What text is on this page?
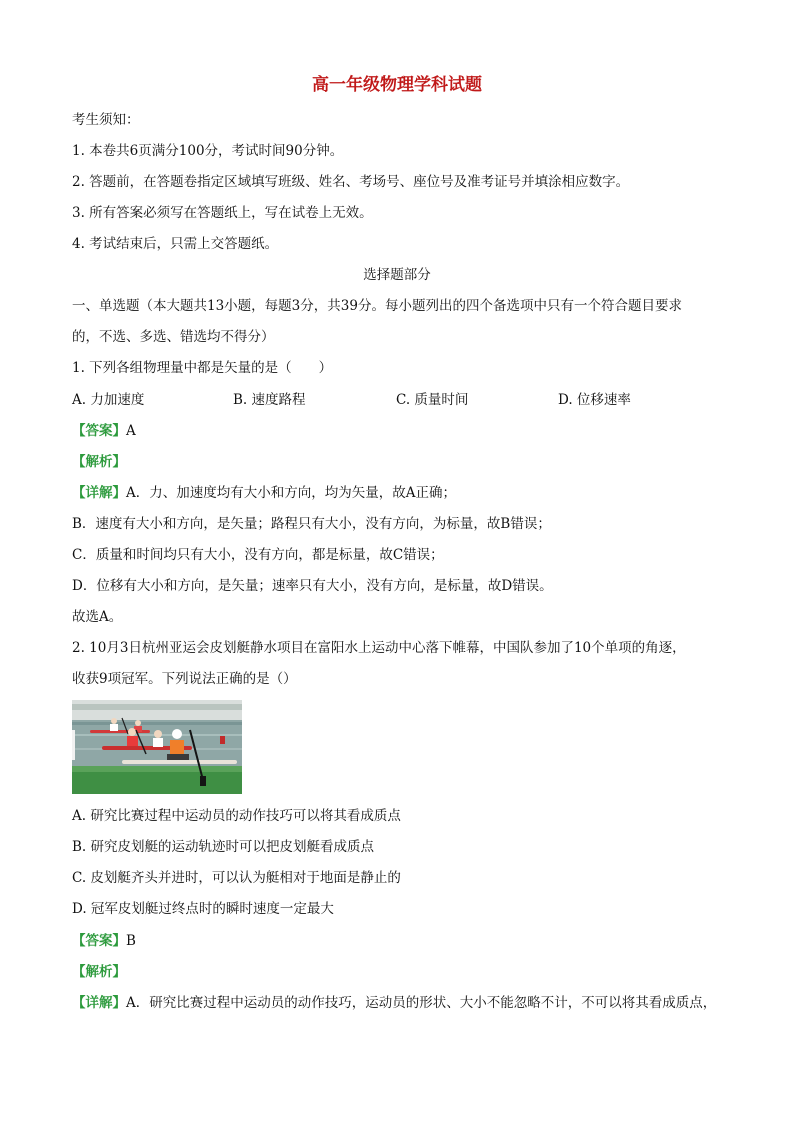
高一年级物理学科试题
考生须知：
1. 本卷共6页满分100分，考试时间90分钟。
2. 答题前，在答题卷指定区域填写班级、姓名、考场号、座位号及准考证号并填涂相应数字。
3. 所有答案必须写在答题纸上，写在试卷上无效。
4. 考试结束后，只需上交答题纸。
选择题部分
一、单选题（本大题共13小题，每题3分，共39分。每小题列出的四个备选项中只有一个符合题目要求
的，不选、多选、错选均不得分）
1. 下列各组物理量中都是矢量的是（　　）
A. 力加速度	B. 速度路程	C. 质量时间	D. 位移速率
【答案】A
【解析】
【详解】A．力、加速度均有大小和方向，均为矢量，故A正确；
B．速度有大小和方向，是矢量；路程只有大小，没有方向，为标量，故B错误；
C．质量和时间均只有大小，没有方向，都是标量，故C错误；
D．位移有大小和方向，是矢量；速率只有大小，没有方向，是标量，故D错误。
故选A。
2. 10月3日杭州亚运会皮划艇静水项目在富阳水上运动中心落下帷幕，中国队参加了10个单项的角逐，
收获9项冠军。下列说法正确的是（）
A. 研究比赛过程中运动员的动作技巧可以将其看成质点
B. 研究皮划艇的运动轨迹时可以把皮划艇看成质点
C. 皮划艇齐头并进时，可以认为艇相对于地面是静止的
D. 冠军皮划艇过终点时的瞬时速度一定最大
【答案】B
【解析】
【详解】A．研究比赛过程中运动员的动作技巧，运动员的形状、大小不能忽略不计，不可以将其看成质点，
